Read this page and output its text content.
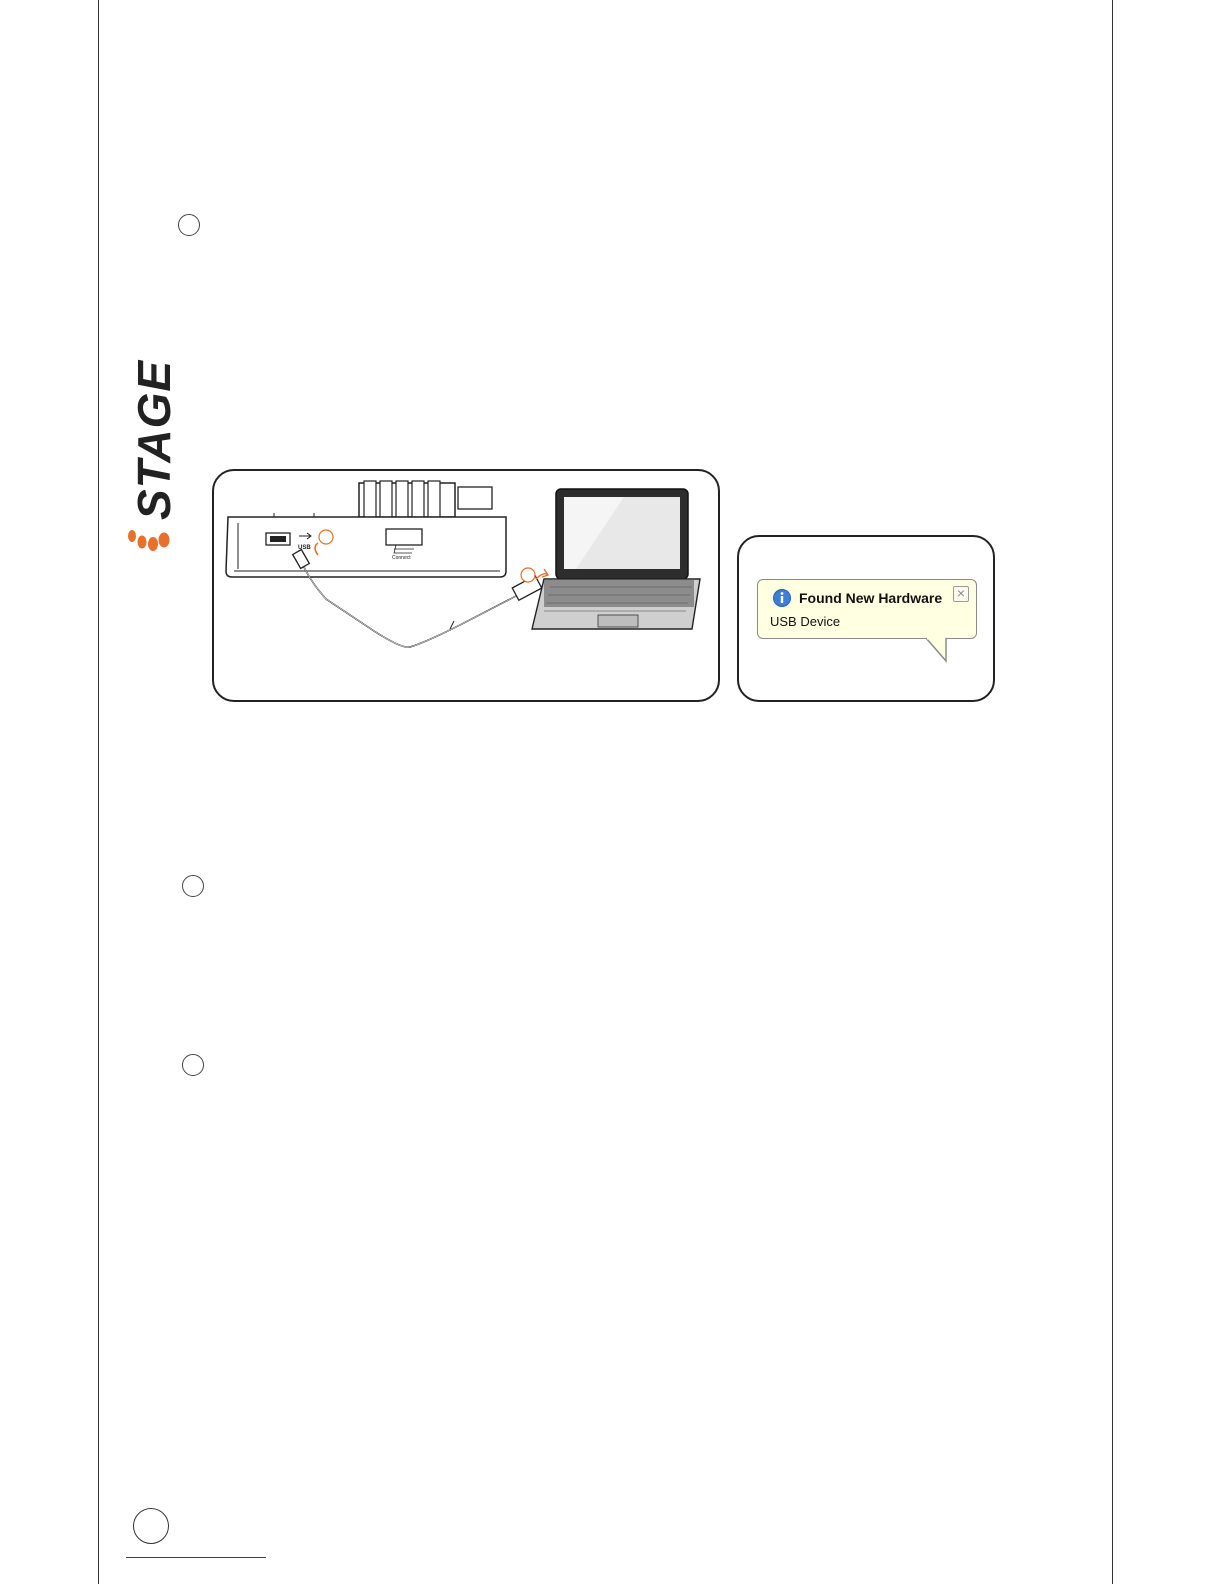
STAGE
USB
Connect
Found New Hardware
USB Device
×
